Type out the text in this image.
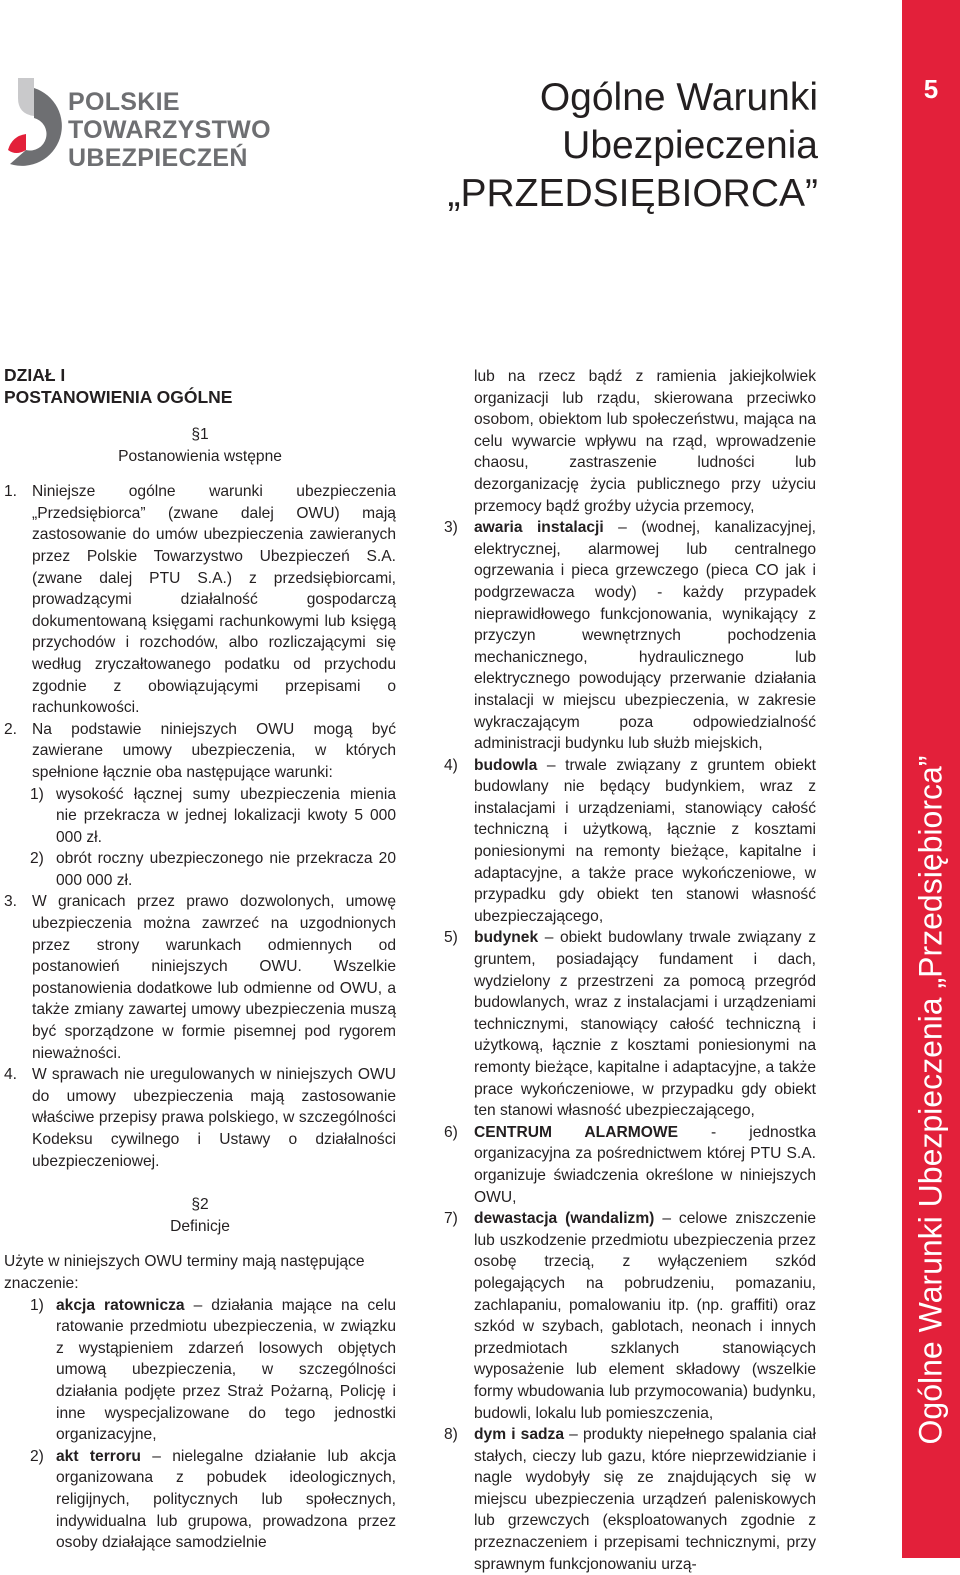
5
Ogólne Warunki Ubezpieczenia „Przedsiębiorca”
POLSKIE
TOWARZYSTWO
UBEZPIECZEŃ
Ogólne Warunki
Ubezpieczenia
„PRZEDSIĘBIORCA”
DZIAŁ I
POSTANOWIENIA OGÓLNE
§1
Postanowienia wstępne
1. Niniejsze ogólne warunki ubezpieczenia „Przedsiębiorca” (zwane dalej OWU) mają zastosowanie do umów ubezpieczenia zawieranych przez Polskie Towarzystwo Ubezpieczeń S.A. (zwane dalej PTU S.A.) z przedsiębiorcami, prowadzącymi działalność gospodarczą dokumentowaną księgami rachunkowymi lub księgą przychodów i rozchodów, albo rozliczającymi się według zryczałtowanego podatku od przychodu zgodnie z obowiązującymi przepisami o rachunkowości.
2. Na podstawie niniejszych OWU mogą być zawierane umowy ubezpieczenia, w których spełnione łącznie oba następujące warunki:
1) wysokość łącznej sumy ubezpieczenia mienia nie przekracza w jednej lokalizacji kwoty 5 000 000 zł.
2) obrót roczny ubezpieczonego nie przekracza 20 000 000 zł.
3. W granicach przez prawo dozwolonych, umowę ubezpieczenia można zawrzeć na uzgodnionych przez strony warunkach odmiennych od postanowień niniejszych OWU. Wszelkie postanowienia dodatkowe lub odmienne od OWU, a także zmiany zawartej umowy ubezpieczenia muszą być sporządzone w formie pisemnej pod rygorem nieważności.
4. W sprawach nie uregulowanych w niniejszych OWU do umowy ubezpieczenia mają zastosowanie właściwe przepisy prawa polskiego, w szczególności Kodeksu cywilnego i Ustawy o działalności ubezpieczeniowej.
§2
Definicje

Użyte w niniejszych OWU terminy mają następujące znaczenie:

1) akcja ratownicza – działania mające na celu ratowanie przedmiotu ubezpieczenia, w związku z wystąpieniem zdarzeń losowych objętych umową ubezpieczenia, w szczególności działania podjęte przez Straż Pożarną, Policję i inne wyspecjalizowane do tego jednostki organizacyjne,
2) akt terroru – nielegalne działanie lub akcja organizowana z pobudek ideologicznych, religijnych, politycznych lub społecznych, indywidualna lub grupowa, prowadzona przez osoby działające samodzielnie

lub na rzecz bądź z ramienia jakiejkolwiek organizacji lub rządu, skierowana przeciwko osobom, obiektom lub społeczeństwu, mająca na celu wywarcie wpływu na rząd, wprowadzenie chaosu, zastraszenie ludności lub dezorganizację życia publicznego przy użyciu przemocy bądź groźby użycia przemocy,

3) awaria instalacji – (wodnej, kanalizacyjnej, elektrycznej, alarmowej lub centralnego ogrzewania i pieca grzewczego (pieca CO jak i podgrzewacza wody) - każdy przypadek nieprawidłowego funkcjonowania, wynikający z przyczyn wewnętrznych pochodzenia mechanicznego, hydraulicznego lub elektrycznego powodujący przerwanie działania instalacji w miejscu ubezpieczenia, w zakresie wykraczającym poza odpowiedzialność administracji budynku lub służb miejskich,
4) budowla – trwale związany z gruntem obiekt budowlany nie będący budynkiem, wraz z instalacjami i urządzeniami, stanowiący całość techniczną i użytkową, łącznie z kosztami poniesionymi na remonty bieżące, kapitalne i adaptacyjne, a także prace wykończeniowe, w przypadku gdy obiekt ten stanowi własność ubezpieczającego,
5) budynek – obiekt budowlany trwale związany z gruntem, posiadający fundament i dach, wydzielony z przestrzeni za pomocą przegród budowlanych, wraz z instalacjami i urządzeniami technicznymi, stanowiący całość techniczną i użytkową, łącznie z kosztami poniesionymi na remonty bieżące, kapitalne i adaptacyjne, a także prace wykończeniowe, w przypadku gdy obiekt ten stanowi własność ubezpieczającego,
6) CENTRUM ALARMOWE - jednostka organizacyjna za pośrednictwem której PTU S.A. organizuje świadczenia określone w niniejszych OWU,
7) dewastacja (wandalizm) – celowe zniszczenie lub uszkodzenie przedmiotu ubezpieczenia przez osobę trzecią, z wyłączeniem szkód polegających na pobrudzeniu, pomazaniu, zachlapaniu, pomalowaniu itp. (np. graffiti) oraz szkód w szybach, gablotach, neonach i innych przedmiotach szklanych stanowiących wyposażenie lub element składowy (wszelkie formy wbudowania lub przymocowania) budynku, budowli, lokalu lub pomieszczenia,
8) dym i sadza – produkty niepełnego spalania ciał stałych, cieczy lub gazu, które nieprzewidzianie i nagle wydobyły się ze znajdujących się w miejscu ubezpieczenia urządzeń paleniskowych lub grzewczych (eksploatowanych zgodnie z przeznaczeniem i przepisami technicznymi, przy sprawnym funkcjonowaniu urzą-
